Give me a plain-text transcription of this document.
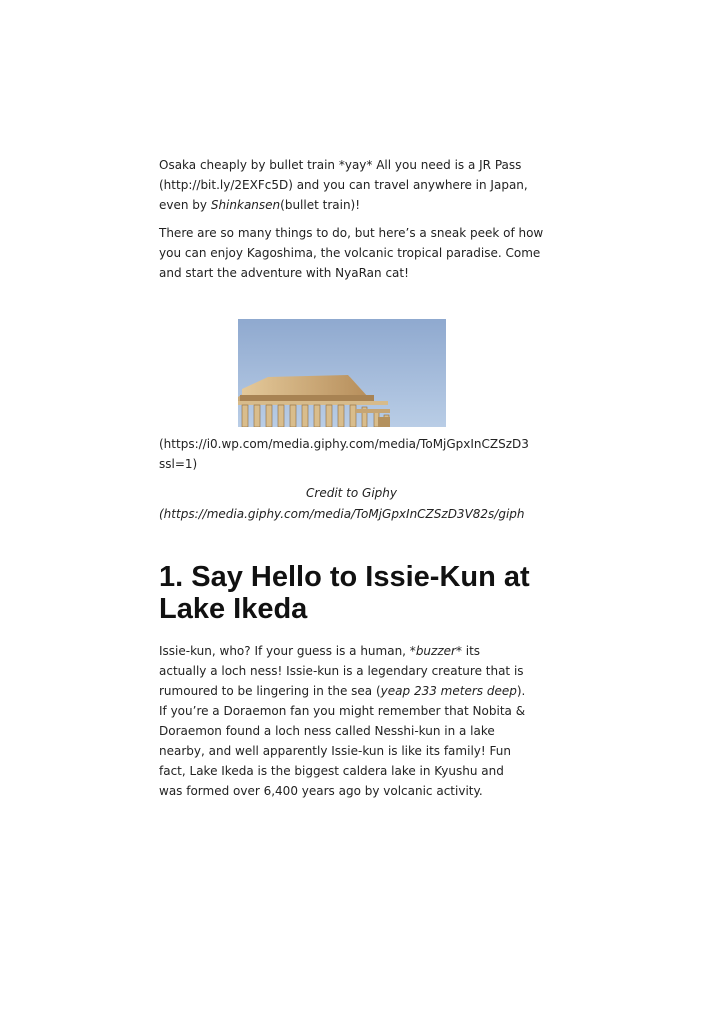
Osaka cheaply by bullet train *yay* All you need is a JR Pass (http://bit.ly/2EXFc5D) and you can travel anywhere in Japan, even by Shinkansen(bullet train)!

There are so many things to do, but here’s a sneak peek of how you can enjoy Kagoshima, the volcanic tropical paradise. Come and start the adventure with NyaRan cat!

(https://i0.wp.com/media.giphy.com/media/ToMjGpxInCZSzD3
ssl=1)
Credit to Giphy
(https://media.giphy.com/media/ToMjGpxInCZSzD3V82s/giph
1. Say Hello to Issie-Kun at Lake Ikeda

Issie-kun, who? If your guess is a human, *buzzer* its actually a loch ness! Issie-kun is a legendary creature that is rumoured to be lingering in the sea (yeap 233 meters deep). If you’re a Doraemon fan you might remember that Nobita & Doraemon found a loch ness called Nesshi-kun in a lake nearby, and well apparently Issie-kun is like its family! Fun fact, Lake Ikeda is the biggest caldera lake in Kyushu and was formed over 6,400 years ago by volcanic activity.
